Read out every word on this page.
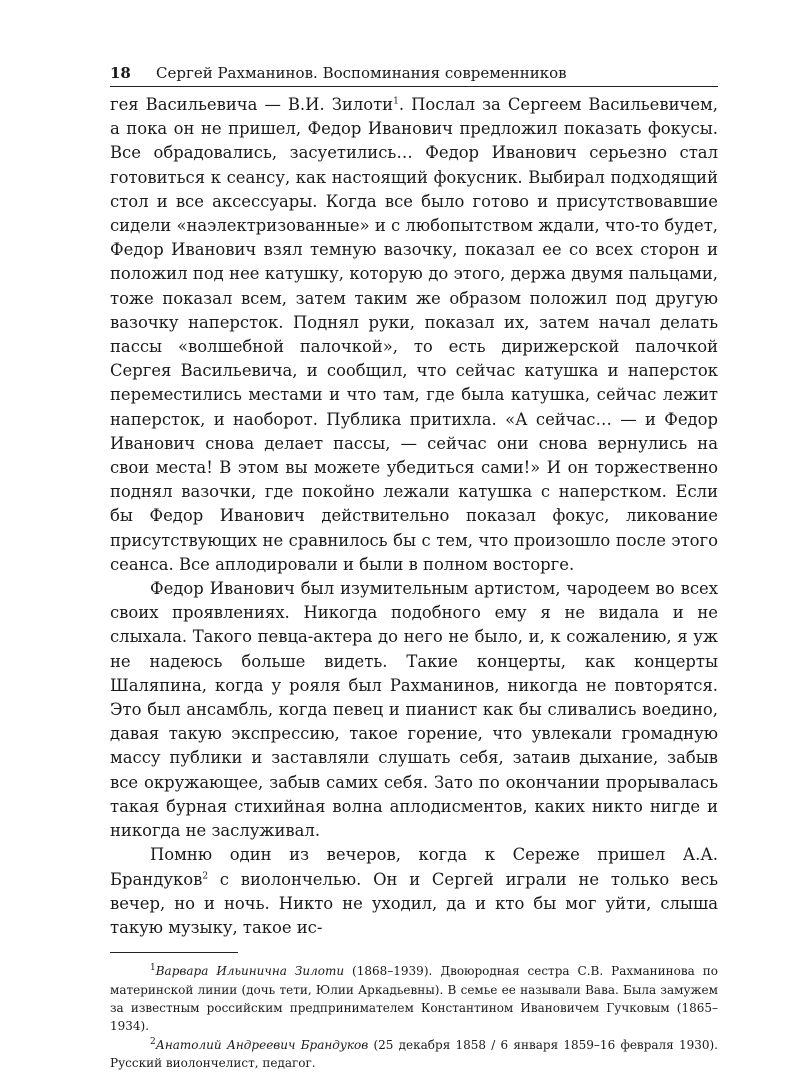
18 Сергей Рахманинов. Воспоминания современников

гея Васильевича — В.И. Зилоти$^1$. Послал за Сергеем Васильевичем, а пока он не пришел, Федор Иванович предложил показать фокусы. Все обрадовались, засуетились… Федор Иванович серьезно стал готовиться к сеансу, как настоящий фокусник. Выбирал подходящий стол и все аксессуары. Когда все было готово и присутствовавшие сидели «наэлектризованные» и с любопытством ждали, что-то будет, Федор Иванович взял темную вазочку, показал ее со всех сторон и положил под нее катушку, которую до этого, держа двумя пальцами, тоже показал всем, затем таким же образом положил под другую вазочку наперсток. Поднял руки, показал их, затем начал делать пассы «волшебной палочкой», то есть дирижерской палочкой Сергея Васильевича, и сообщил, что сейчас катушка и наперсток переместились местами и что там, где была катушка, сейчас лежит наперсток, и наоборот. Публика притихла. «А сейчас… — и Федор Иванович снова делает пассы, — сейчас они снова вернулись на свои места! В этом вы можете убедиться сами!» И он торжественно поднял вазочки, где покойно лежали катушка с наперстком. Если бы Федор Иванович действительно показал фокус, ликование присутствующих не сравнилось бы с тем, что произошло после этого сеанса. Все аплодировали и были в полном восторге.

Федор Иванович был изумительным артистом, чародеем во всех своих проявлениях. Никогда подобного ему я не видала и не слыхала. Такого певца-актера до него не было, и, к сожалению, я уж не надеюсь больше видеть. Такие концерты, как концерты Шаляпина, когда у рояля был Рахманинов, никогда не повторятся. Это был ансамбль, когда певец и пианист как бы сливались воедино, давая такую экспрессию, такое горение, что увлекали громадную массу публики и заставляли слушать себя, затаив дыхание, забыв все окружающее, забыв самих себя. Зато по окончании прорывалась такая бурная стихийная волна аплодисментов, каких никто нигде и никогда не заслуживал.

Помню один из вечеров, когда к Сереже пришел А.А. Брандуков$^2$ с виолончелью. Он и Сергей играли не только весь вечер, но и ночь. Никто не уходил, да и кто бы мог уйти, слыша такую музыку, такое ис-

$^1$Варвара Ильинична Зилоти (1868–1939). Двоюродная сестра С.В. Рахманинова по материнской линии (дочь тети, Юлии Аркадьевны). В семье ее называли Вава. Была замужем за известным российским предпринимателем Константином Ивановичем Гучковым (1865–1934).

$^2$Анатолий Андреевич Брандуков (25 декабря 1858 / 6 января 1859–16 февраля 1930). Русский виолончелист, педагог.
